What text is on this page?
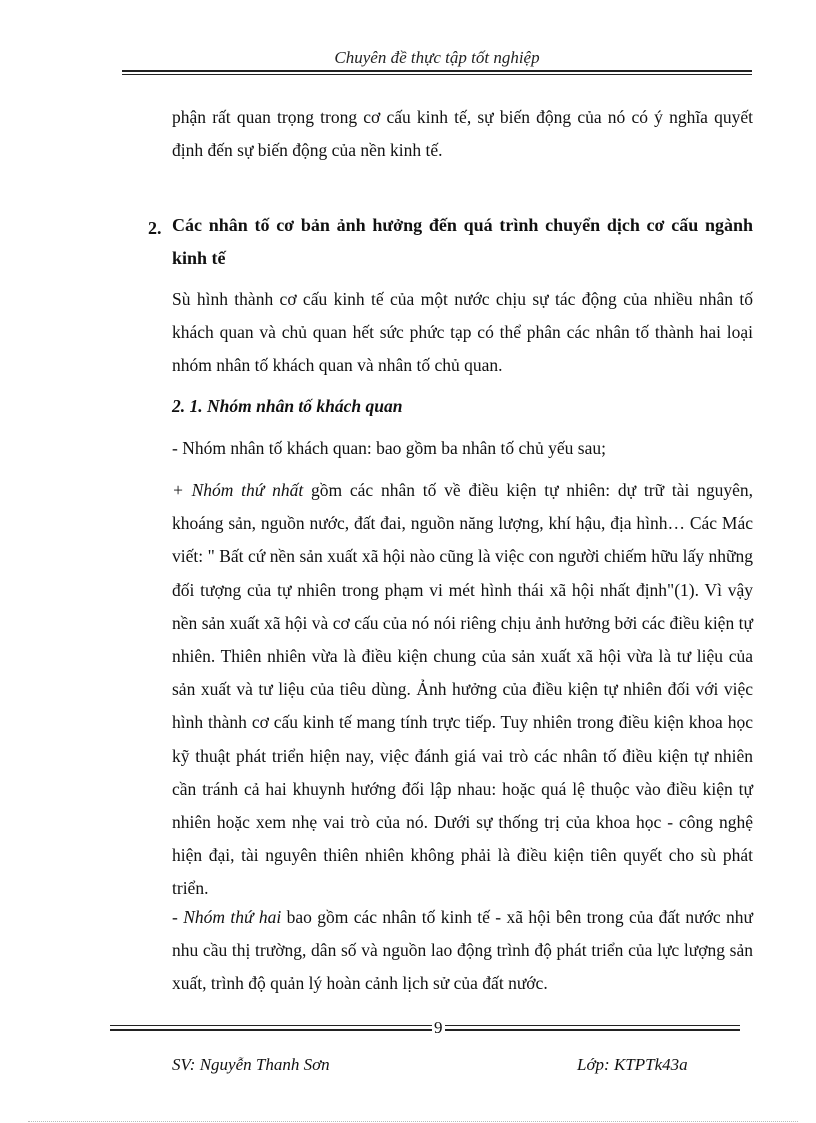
Chuyên đề thực tập tốt nghiệp
phận rất quan trọng trong cơ cấu kinh tế, sự biến động của nó có ý nghĩa quyết định đến sự biến động của nền kinh tế.
2. Các nhân tố cơ bản ảnh hưởng đến quá trình chuyển dịch cơ cấu ngành kinh tế
Sù hình thành cơ cấu kinh tế của một nước chịu sự tác động của nhiều nhân tố khách quan và chủ quan hết sức phức tạp có thể phân các nhân tố thành hai loại nhóm nhân tố khách quan và nhân tố chủ quan.
2. 1. Nhóm nhân tố khách quan
- Nhóm nhân tố khách quan: bao gồm ba nhân tố chủ yếu sau;
+ Nhóm thứ nhất gồm các nhân tố về điều kiện tự nhiên: dự trữ tài nguyên, khoáng sản, nguồn nước, đất đai, nguồn năng lượng, khí hậu, địa hình… Các Mác viết: " Bất cứ nền sản xuất xã hội nào cũng là việc con người chiếm hữu lấy những đối tượng của tự nhiên trong phạm vi mét hình thái xã hội nhất định"(1). Vì vậy nền sản xuất xã hội và cơ cấu của nó nói riêng chịu ảnh hưởng bởi các điều kiện tự nhiên. Thiên nhiên vừa là điều kiện chung của sản xuất xã hội vừa là tư liệu của sản xuất và tư liệu của tiêu dùng. Ảnh hưởng của điều kiện tự nhiên đối với việc hình thành cơ cấu kinh tế mang tính trực tiếp. Tuy nhiên trong điều kiện khoa học kỹ thuật phát triển hiện nay, việc đánh giá vai trò các nhân tố điều kiện tự nhiên cần tránh cả hai khuynh hướng đối lập nhau: hoặc quá lệ thuộc vào điều kiện tự nhiên hoặc xem nhẹ vai trò của nó. Dưới sự thống trị của khoa học - công nghệ hiện đại, tài nguyên thiên nhiên không phải là điều kiện tiên quyết cho sù phát triển.
- Nhóm thứ hai bao gồm các nhân tố kinh tế - xã hội bên trong của đất nước như nhu cầu thị trường, dân số và nguồn lao động trình độ phát triển của lực lượng sản xuất, trình độ quản lý hoàn cảnh lịch sử của đất nước.
9
SV: Nguyễn Thanh Sơn	Lớp: KTPTk43a
